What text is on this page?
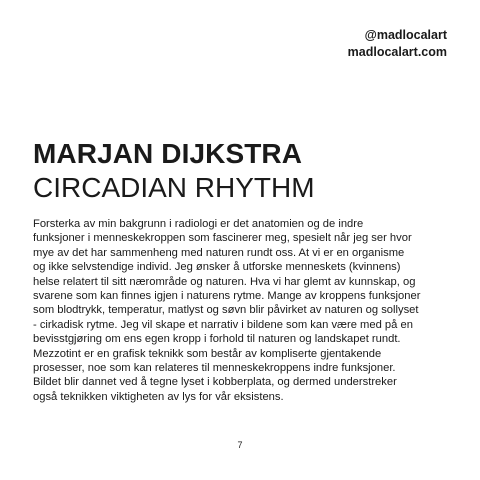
@madlocalart
madlocalart.com
MARJAN DIJKSTRA
CIRCADIAN RHYTHM
Forsterka av min bakgrunn i radiologi er det anatomien og de indre
funksjoner i menneskekroppen som fascinerer meg, spesielt når jeg ser hvor
mye av det har sammenheng med naturen rundt oss. At vi er en organisme
og ikke selvstendige individ. Jeg ønsker å utforske menneskets (kvinnens)
helse relatert til sitt nærområde og naturen. Hva vi har glemt av kunnskap, og
svarene som kan finnes igjen i naturens rytme. Mange av kroppens funksjoner
som blodtrykk, temperatur, matlyst og søvn blir påvirket av naturen og sollyset
- cirkadisk rytme. Jeg vil skape et narrativ i bildene som kan være med på en
bevisstgjøring om ens egen kropp i forhold til naturen og landskapet rundt.
Mezzotint er en grafisk teknikk som består av kompliserte gjentakende
prosesser, noe som kan relateres til menneskekroppens indre funksjoner.
Bildet blir dannet ved å tegne lyset i kobberplata, og dermed understreker
også teknikken viktigheten av lys for vår eksistens.
7
